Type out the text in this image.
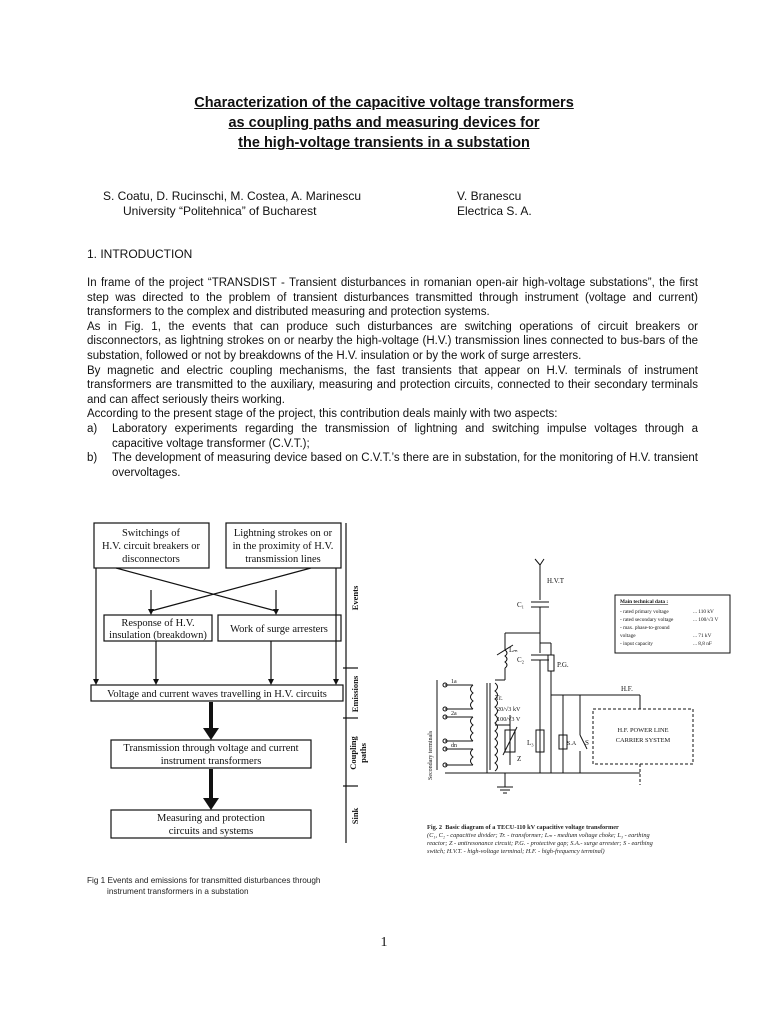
Characterization of the capacitive voltage transformers
as coupling paths and measuring devices for
the high-voltage transients in a substation
S. Coatu, D. Rucinschi, M. Costea, A. Marinescu
University “Politehnica” of Bucharest
V. Branescu
Electrica S. A.
1. INTRODUCTION

In frame of the project “TRANSDIST - Transient disturbances in romanian open-air high-voltage substations”, the first step was directed to the problem of transient disturbances transmitted through instrument (voltage and current) transformers to the complex and distributed measuring and protection systems.

As in Fig. 1, the events that can produce such disturbances are switching operations of circuit breakers or disconnectors, as lightning strokes on or nearby the high-voltage (H.V.) transmission lines connected to bus-bars of the substation, followed or not by breakdowns of the H.V. insulation or by the work of surge arresters.

By magnetic and electric coupling mechanisms, the fast transients that appear on H.V. terminals of instrument transformers are transmitted to the auxiliary, measuring and protection circuits, connected to their secondary terminals and can affect seriously theirs working.

According to the present stage of the project, this contribution deals mainly with two aspects:

a)	Laboratory experiments regarding the transmission of lightning and switching impulse voltages through a capacitive voltage transformer (C.V.T.);
b)	The development of measuring device based on C.V.T.’s there are in substation, for the monitoring of H.V. transient overvoltages.
Switchings of
H.V. circuit breakers or
disconnectors
Lightning strokes on or
in the proximity of H.V.
transmission lines
Response of H.V.
insulation (breakdown)
Work of surge arresters
Voltage and current waves travelling in H.V. circuits
Transmission through voltage and current
instrument transformers
Measuring and protection
circuits and systems
Events
Emissions
Coupling paths
Sink
Fig 1 Events and emissions for transmitted disturbances through
instrument transformers in a substation
H.V.T
C₁
C₂
Lₘ
P.G.
H.F.
Tr.
20/√3 kV
100/√3 V
1a
2a
dn
Z
L₃	S.A S
H.F. POWER LINE
CARRIER SYSTEM
Secondary terminals
Main technical data :
- rated primary voltage	... 110 kV
- rated secondary voltage	... 100/√3 V
- max. phase-to-ground
voltage	... 71 kV
- input capacity	... 8,8 nF
Fig. 2 Basic diagram of a TECU-110 kV capacitive voltage transformer
(C₁, C₂ - capacitive divider; Tr. - transformer; Lₘ - medium voltage choke; L₃ - earthing
reactor; Z - antiresonance circuit; P.G. - protective gap; S.A.- surge arrester; S - earthing
switch; H.V.T. - high-voltage terminal; H.F. - high-frequency terminal)
1
